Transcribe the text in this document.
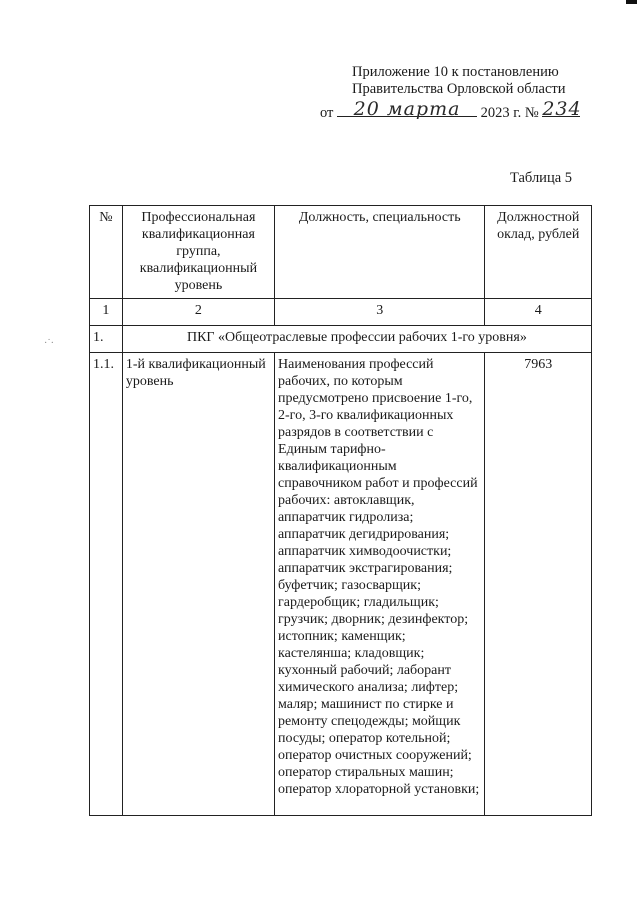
Приложение 10 к постановлению
Правительства Орловской области
от	20 марта	2023 г. № 234
Таблица 5
№	Профессиональная квалификационная группа, квалификационный уровень	Должность, специальность	Должностной оклад, рублей
1	2	3	4
1.	ПКГ «Общеотраслевые профессии рабочих 1-го уровня»		
1.1.	1-й квалификационный уровень	Наименования профессий рабочих, по которым предусмотрено присвоение 1-го, 2-го, 3-го квалификационных разрядов в соответствии с Единым тарифно-квалификационным справочником работ и профессий рабочих: автоклавщик, аппаратчик гидролиза; аппаратчик дегидрирования; аппаратчик химводоочистки; аппаратчик экстрагирования; буфетчик; газосварщик; гардеробщик; гладильщик; грузчик; дворник; дезинфектор; истопник; каменщик; кастелянша; кладовщик; кухонный рабочий; лаборант химического анализа; лифтер; маляр; машинист по стирке и ремонту спецодежды; мойщик посуды; оператор котельной; оператор очистных сооружений; оператор стиральных машин; оператор хлораторной установки;	7963
·˙·
